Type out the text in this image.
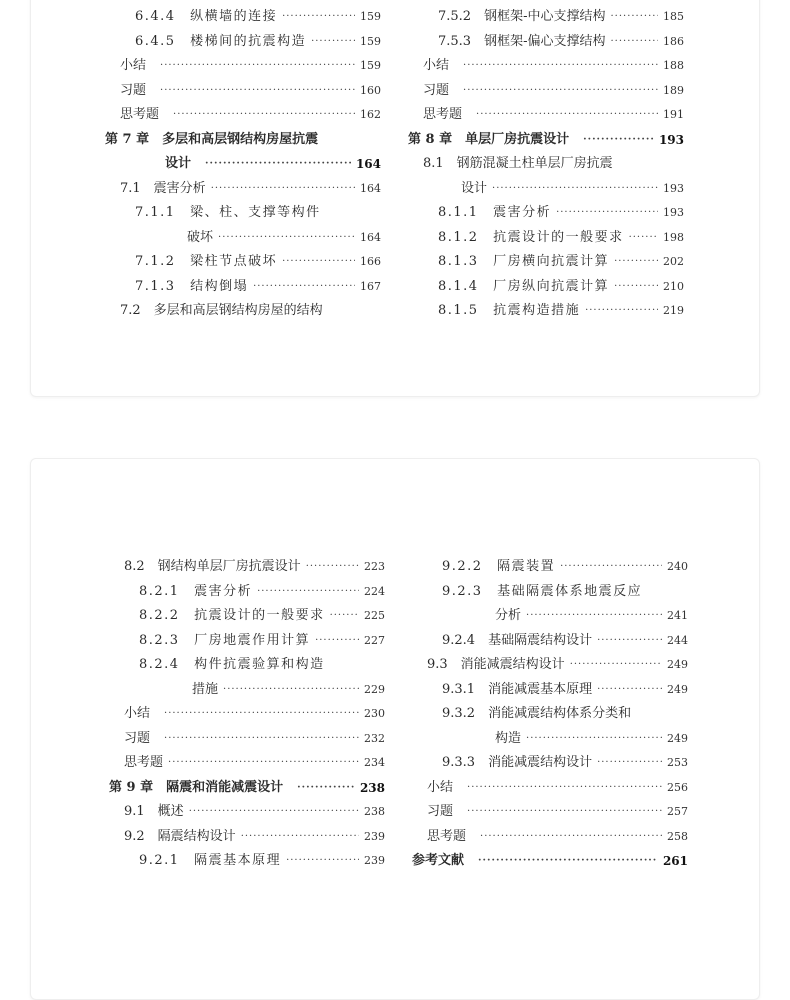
6.4.4　纵横墙的连接 ·····	159
6.4.5　楼梯间的抗震构造 ·····	159
小结 ·····	159
习题 ·····	160
思考题 ·····	162
第 7 章　多层和高层钢结构房屋抗震
设计 ·····	164
7.1　震害分析 ·····	164
7.1.1　梁、柱、支撑等构件
破坏 ·····	164
7.1.2　梁柱节点破坏 ·····	166
7.1.3　结构倒塌 ·····	167
7.2　多层和高层钢结构房屋的结构
7.5.2　钢框架-中心支撑结构 ·····	185
7.5.3　钢框架-偏心支撑结构 ·····	186
小结 ·····	188
习题 ·····	189
思考题 ·····	191
第 8 章　单层厂房抗震设计 ·····	193
8.1　钢筋混凝土柱单层厂房抗震
设计 ·····	193
8.1.1　震害分析 ·····	193
8.1.2　抗震设计的一般要求 ·····	198
8.1.3　厂房横向抗震计算 ·····	202
8.1.4　厂房纵向抗震计算 ·····	210
8.1.5　抗震构造措施 ·····	219
8.2　钢结构单层厂房抗震设计 ·····	223
8.2.1　震害分析 ·····	224
8.2.2　抗震设计的一般要求 ·····	225
8.2.3　厂房地震作用计算 ·····	227
8.2.4　构件抗震验算和构造
措施 ·····	229
小结 ·····	230
习题 ·····	232
思考题 ·····	234
第 9 章　隔震和消能减震设计 ·····	238
9.1　概述 ·····	238
9.2　隔震结构设计 ·····	239
9.2.1　隔震基本原理 ·····	239
9.2.2　隔震装置 ·····	240
9.2.3　基础隔震体系地震反应
分析 ·····	241
9.2.4　基础隔震结构设计 ·····	244
9.3　消能减震结构设计 ·····	249
9.3.1　消能减震基本原理 ·····	249
9.3.2　消能减震结构体系分类和
构造 ·····	249
9.3.3　消能减震结构设计 ·····	253
小结 ·····	256
习题 ·····	257
思考题 ·····	258
参考文献 ·····	261
